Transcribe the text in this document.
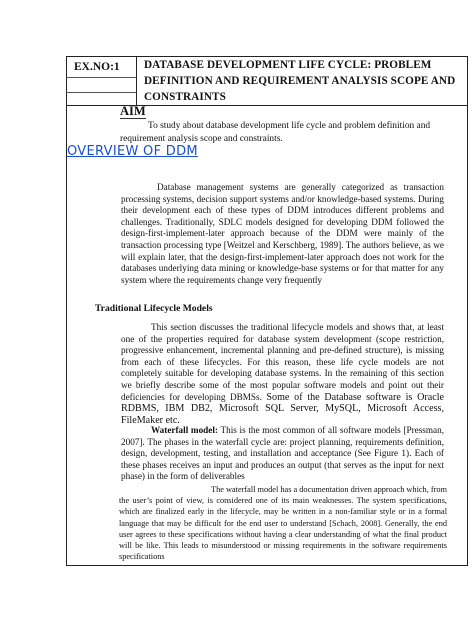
EX.NO:1 DATABASE DEVELOPMENT LIFE CYCLE: PROBLEM DEFINITION AND REQUIREMENT ANALYSIS SCOPE AND CONSTRAINTS
AIM
To study about database development life cycle and problem definition and requirement analysis scope and constraints.
OVERVIEW OF DDM
Database management systems are generally categorized as transaction processing systems, decision support systems and/or knowledge-based systems. During their development each of these types of DDM introduces different problems and challenges. Traditionally, SDLC models designed for developing DDM followed the design-first-implement-later approach because of the DDM were mainly of the transaction processing type [Weitzel and Kerschberg, 1989]. The authors believe, as we will explain later, that the design-first-implement-later approach does not work for the databases underlying data mining or knowledge-base systems or for that matter for any system where the requirements change very frequently
Traditional Lifecycle Models
This section discusses the traditional lifecycle models and shows that, at least one of the properties required for database system development (scope restriction, progressive enhancement, incremental planning and pre-defined structure), is missing from each of these lifecycles. For this reason, these life cycle models are not completely suitable for developing database systems. In the remaining of this section we briefly describe some of the most popular software models and point out their deficiencies for developing DBMSs. Some of the Database software is Oracle RDBMS, IBM DB2, Microsoft SQL Server, MySQL, Microsoft Access, FileMaker etc.
Waterfall model: This is the most common of all software models [Pressman, 2007]. The phases in the waterfall cycle are: project planning, requirements definition, design, development, testing, and installation and acceptance (See Figure 1). Each of these phases receives an input and produces an output (that serves as the input for next phase) in the form of deliverables
The waterfall model has a documentation driven approach which, from the user’s point of view, is considered one of its main weaknesses. The system specifications, which are finalized early in the lifecycle, may be written in a non-familiar style or in a formal language that may be difficult for the end user to understand [Schach, 2008]. Generally, the end user agrees to these specifications without having a clear understanding of what the final product will be like. This leads to misunderstood or missing requirements in the software requirements specifications
